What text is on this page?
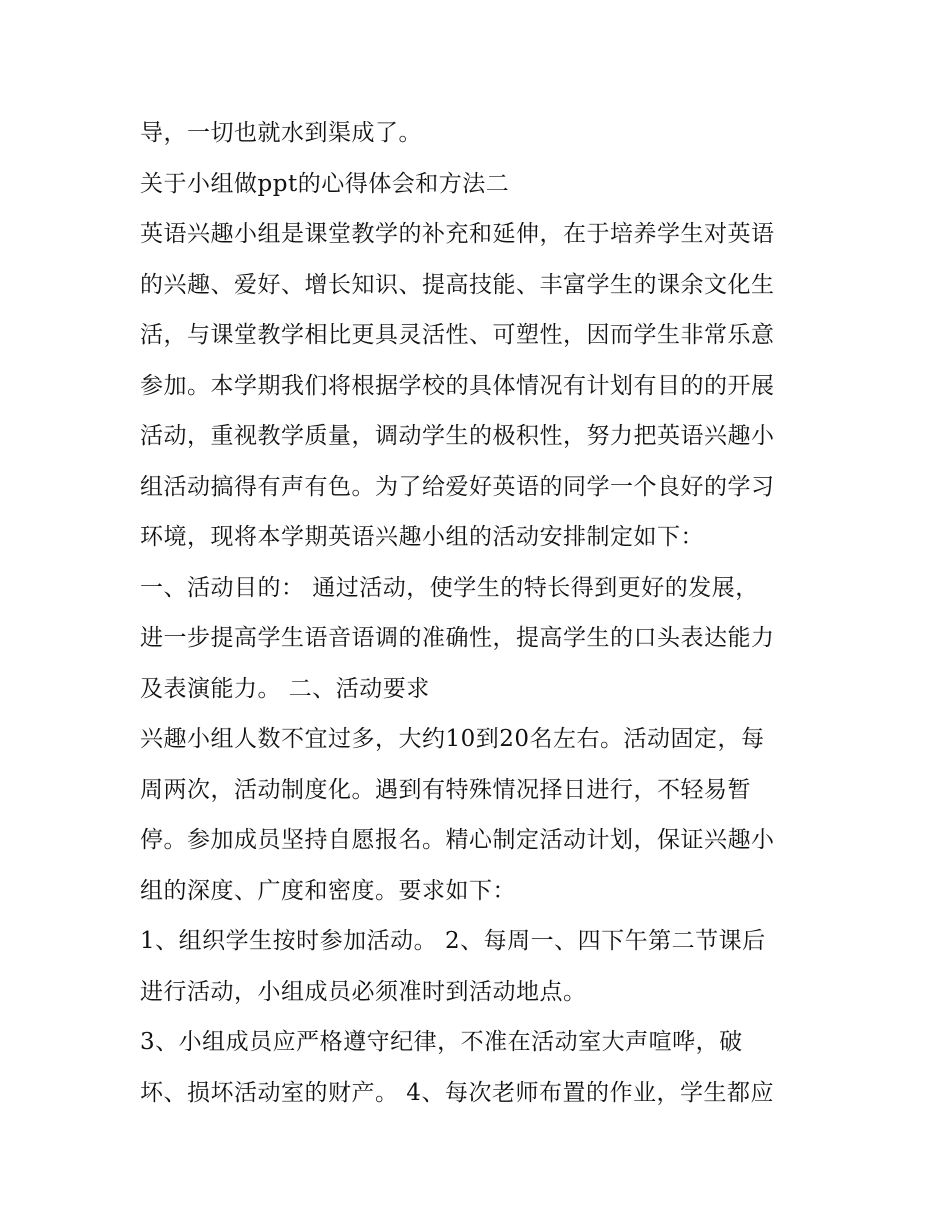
导，一切也就水到渠成了。
关于小组做ppt的心得体会和方法二
英语兴趣小组是课堂教学的补充和延伸，在于培养学生对英语
的兴趣、爱好、增长知识、提高技能、丰富学生的课余文化生
活，与课堂教学相比更具灵活性、可塑性，因而学生非常乐意
参加。本学期我们将根据学校的具体情况有计划有目的的开展
活动，重视教学质量，调动学生的极积性，努力把英语兴趣小
组活动搞得有声有色。为了给爱好英语的同学一个良好的学习
环境，现将本学期英语兴趣小组的活动安排制定如下：
一、活动目的： 通过活动，使学生的特长得到更好的发展，
进一步提高学生语音语调的准确性，提高学生的口头表达能力
及表演能力。 二、活动要求
兴趣小组人数不宜过多，大约10到20名左右。活动固定，每
周两次，活动制度化。遇到有特殊情况择日进行，不轻易暂
停。参加成员坚持自愿报名。精心制定活动计划，保证兴趣小
组的深度、广度和密度。要求如下：
1、组织学生按时参加活动。 2、每周一、四下午第二节课后
进行活动，小组成员必须准时到活动地点。
3、小组成员应严格遵守纪律，不准在活动室大声喧哗，破
坏、损坏活动室的财产。 4、每次老师布置的作业，学生都应
